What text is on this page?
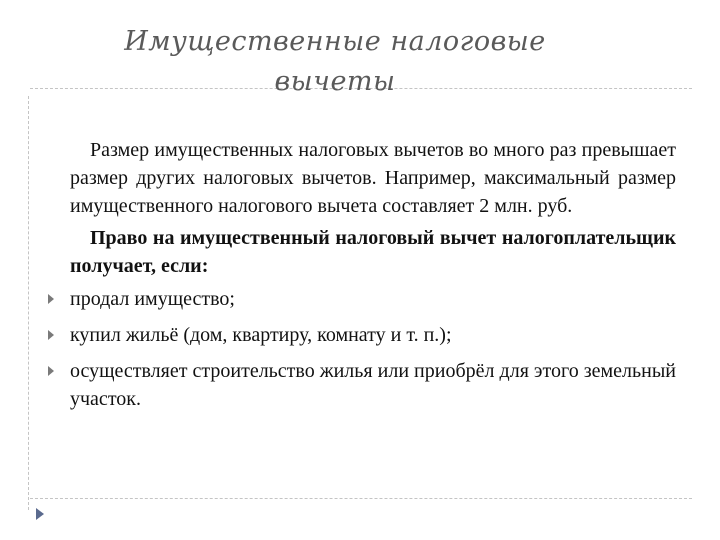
Имущественные налоговые вычеты

Размер имущественных налоговых вычетов во много раз превышает размер других налоговых вычетов. Например, максимальный размер имущественного налогового вычета составляет 2 млн. руб.

Право на имущественный налоговый вычет налогоплательщик получает, если:

продал имущество;
купил жильё (дом, квартиру, комнату и т. п.);
осуществляет строительство жилья или приобрёл для этого земельный участок.
